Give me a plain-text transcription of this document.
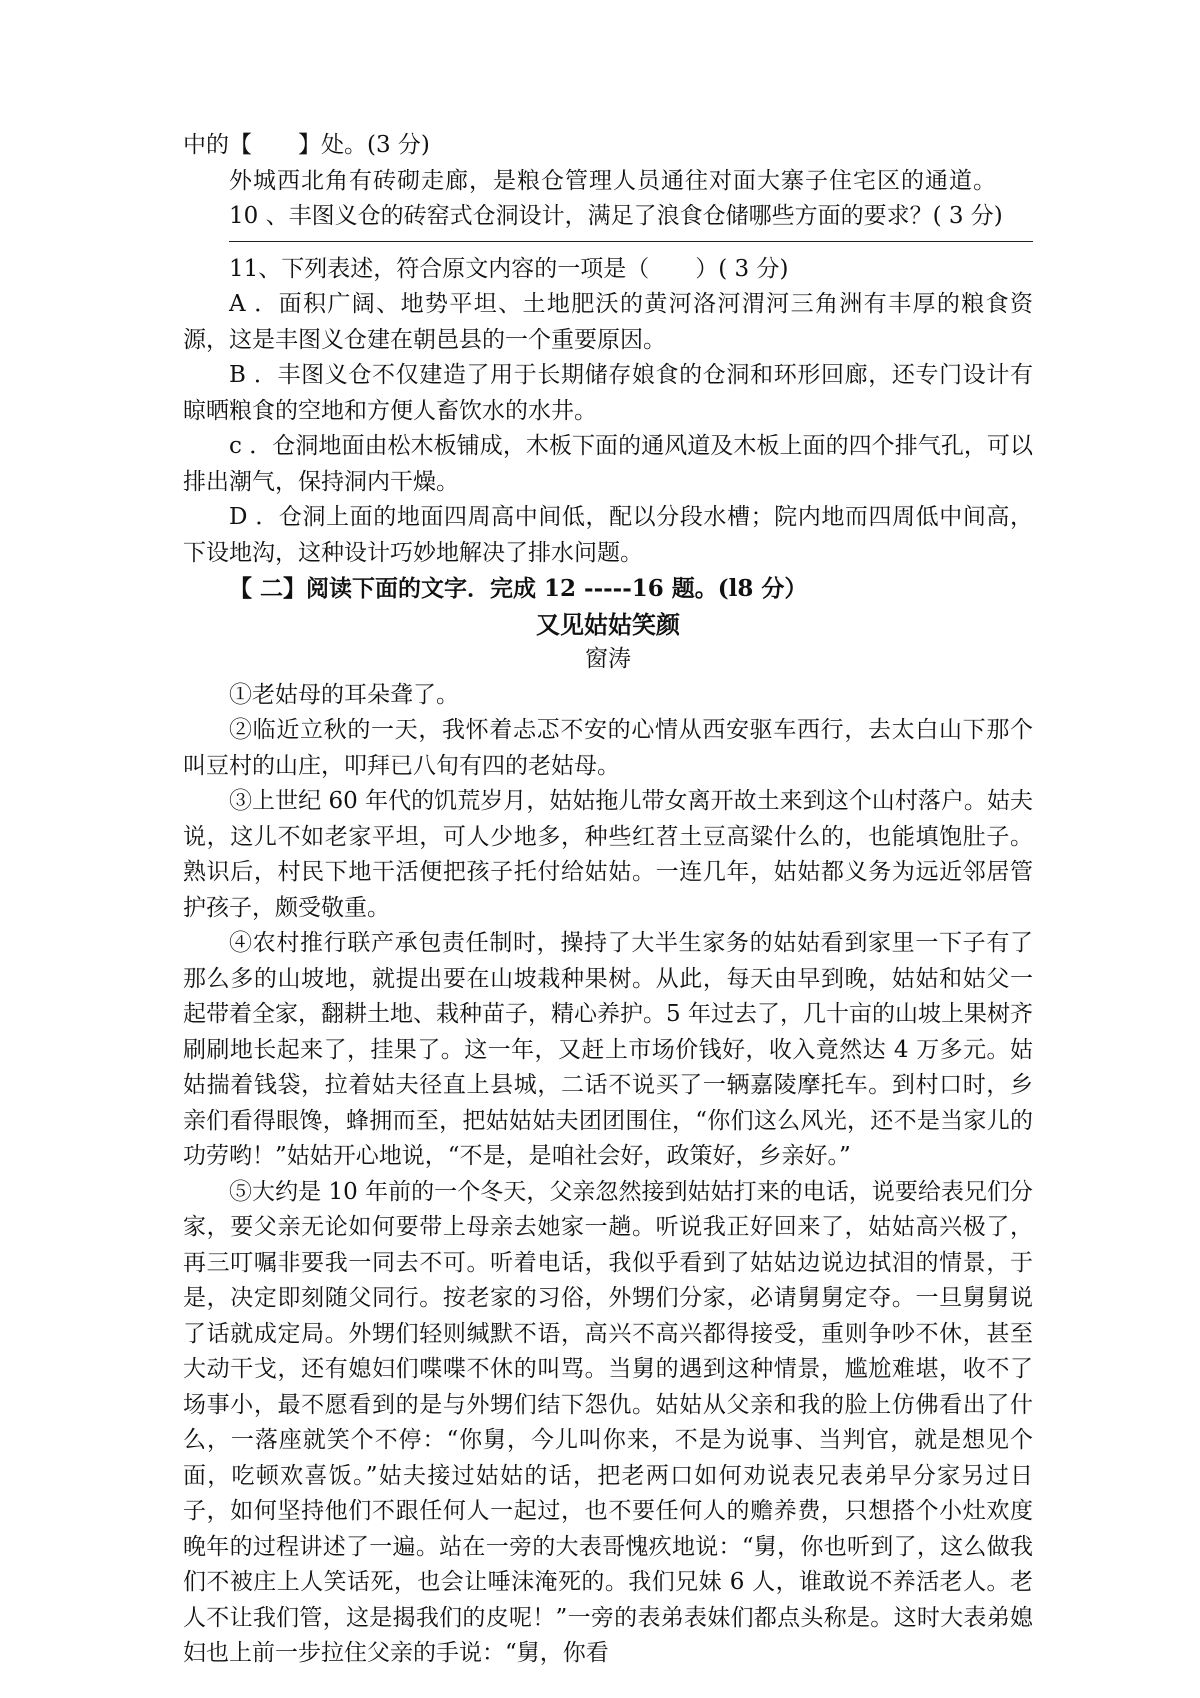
中的【　　】处。(3 分)

外城西北角有砖砌走廊，是粮仓管理人员通往对面大寨子住宅区的通道。

10 、丰图义仓的砖窑式仓洞设计，满足了浪食仓储哪些方面的要求？( 3 分)

11、下列表述，符合原文内容的一项是（　　）( 3 分)

A ．面积广阔、地势平坦、土地肥沃的黄河洛河渭河三角洲有丰厚的粮食资源，这是丰图义仓建在朝邑县的一个重要原因。

B ．丰图义仓不仅建造了用于长期储存娘食的仓洞和环形回廊，还专门设计有晾晒粮食的空地和方便人畜饮水的水井。

c ．仓洞地面由松木板铺成，木板下面的通风道及木板上面的四个排气孔，可以排出潮气，保持洞内干燥。

D ．仓洞上面的地面四周高中间低，配以分段水槽；院内地而四周低中间高，下设地沟，这种设计巧妙地解决了排水问题。

【 二】阅读下面的文字．完成 12 -----16 题。(l8 分）

又见姑姑笑颜

窗涛

①老姑母的耳朵聋了。

②临近立秋的一天，我怀着忐忑不安的心情从西安驱车西行，去太白山下那个叫豆村的山庄，叩拜已八旬有四的老姑母。

③上世纪 60 年代的饥荒岁月，姑姑拖儿带女离开故土来到这个山村落户。姑夫说，这儿不如老家平坦，可人少地多，种些红苕土豆高粱什么的，也能填饱肚子。熟识后，村民下地干活便把孩子托付给姑姑。一连几年，姑姑都义务为远近邻居管护孩子，颇受敬重。

④农村推行联产承包责任制时，操持了大半生家务的姑姑看到家里一下子有了那么多的山坡地，就提出要在山坡栽种果树。从此，每天由早到晚，姑姑和姑父一起带着全家，翻耕土地、栽种苗子，精心养护。5 年过去了，几十亩的山坡上果树齐刷刷地长起来了，挂果了。这一年，又赶上市场价钱好，收入竟然达 4 万多元。姑姑揣着钱袋，拉着姑夫径直上县城，二话不说买了一辆嘉陵摩托车。到村口时，乡亲们看得眼馋，蜂拥而至，把姑姑姑夫团团围住，“你们这么风光，还不是当家儿的功劳哟！”姑姑开心地说，“不是，是咱社会好，政策好，乡亲好。”

⑤大约是 10 年前的一个冬天，父亲忽然接到姑姑打来的电话，说要给表兄们分家，要父亲无论如何要带上母亲去她家一趟。听说我正好回来了，姑姑高兴极了，再三叮嘱非要我一同去不可。听着电话，我似乎看到了姑姑边说边拭泪的情景，于是，决定即刻随父同行。按老家的习俗，外甥们分家，必请舅舅定夺。一旦舅舅说了话就成定局。外甥们轻则缄默不语，高兴不高兴都得接受，重则争吵不休，甚至大动干戈，还有媳妇们喋喋不休的叫骂。当舅的遇到这种情景，尴尬难堪，收不了场事小，最不愿看到的是与外甥们结下怨仇。姑姑从父亲和我的脸上仿佛看出了什么，一落座就笑个不停：“你舅，今儿叫你来，不是为说事、当判官，就是想见个面，吃顿欢喜饭。”姑夫接过姑姑的话，把老两口如何劝说表兄表弟早分家另过日子，如何坚持他们不跟任何人一起过，也不要任何人的赡养费，只想搭个小灶欢度晚年的过程讲述了一遍。站在一旁的大表哥愧疚地说：“舅，你也听到了，这么做我们不被庄上人笑话死，也会让唾沫淹死的。我们兄妹 6 人，谁敢说不养活老人。老人不让我们管，这是揭我们的皮呢！”一旁的表弟表妹们都点头称是。这时大表弟媳妇也上前一步拉住父亲的手说：“舅，你看
